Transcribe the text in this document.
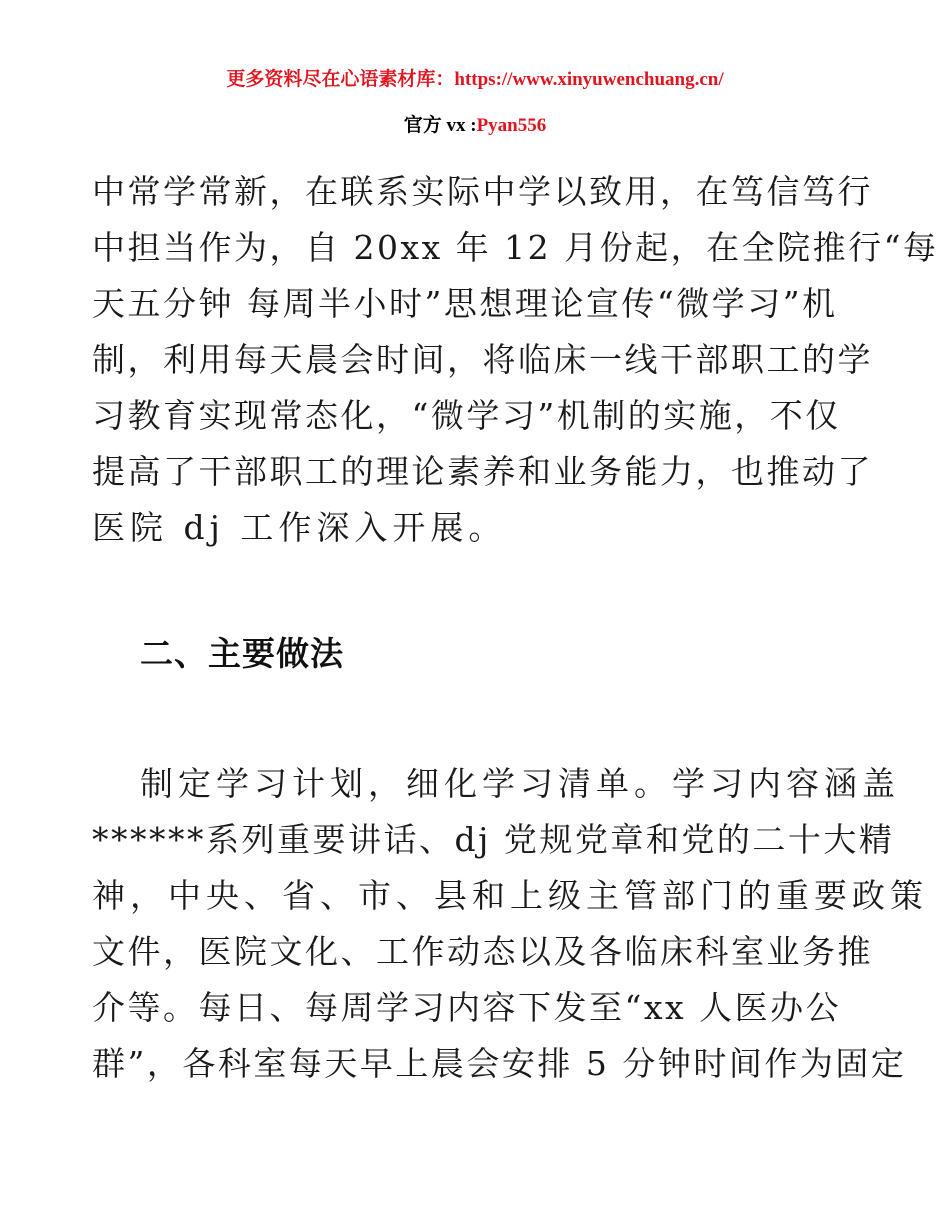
更多资料尽在心语素材库：https://www.xinyuwenchuang.cn/
官方 vx :Pyan556
中常学常新，在联系实际中学以致用，在笃信笃行
中担当作为，自 20xx 年 12 月份起，在全院推行“每
天五分钟 每周半小时”思想理论宣传“微学习”机
制，利用每天晨会时间，将临床一线干部职工的学
习教育实现常态化，“微学习”机制的实施，不仅
提高了干部职工的理论素养和业务能力，也推动了
医院 dj 工作深入开展。
二、主要做法
制定学习计划，细化学习清单。学习内容涵盖
******系列重要讲话、dj 党规党章和党的二十大精
神，中央、省、市、县和上级主管部门的重要政策
文件，医院文化、工作动态以及各临床科室业务推
介等。每日、每周学习内容下发至“xx 人医办公
群”，各科室每天早上晨会安排 5 分钟时间作为固定
